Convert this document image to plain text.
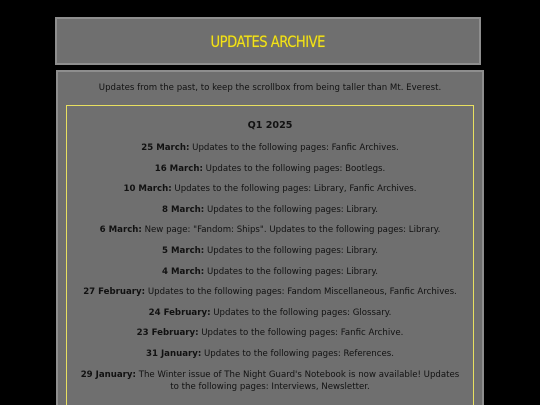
UPDATES ARCHIVE
Updates from the past, to keep the scrollbox from being taller than Mt. Everest.
Q1 2025
25 March: Updates to the following pages: Fanfic Archives.
16 March: Updates to the following pages: Bootlegs.
10 March: Updates to the following pages: Library, Fanfic Archives.
8 March: Updates to the following pages: Library.
6 March: New page: "Fandom: Ships". Updates to the following pages: Library.
5 March: Updates to the following pages: Library.
4 March: Updates to the following pages: Library.
27 February: Updates to the following pages: Fandom Miscellaneous, Fanfic Archives.
24 February: Updates to the following pages: Glossary.
23 February: Updates to the following pages: Fanfic Archive.
31 January: Updates to the following pages: References.
29 January: The Winter issue of The Night Guard's Notebook is now available! Updates to the following pages: Interviews, Newsletter.
